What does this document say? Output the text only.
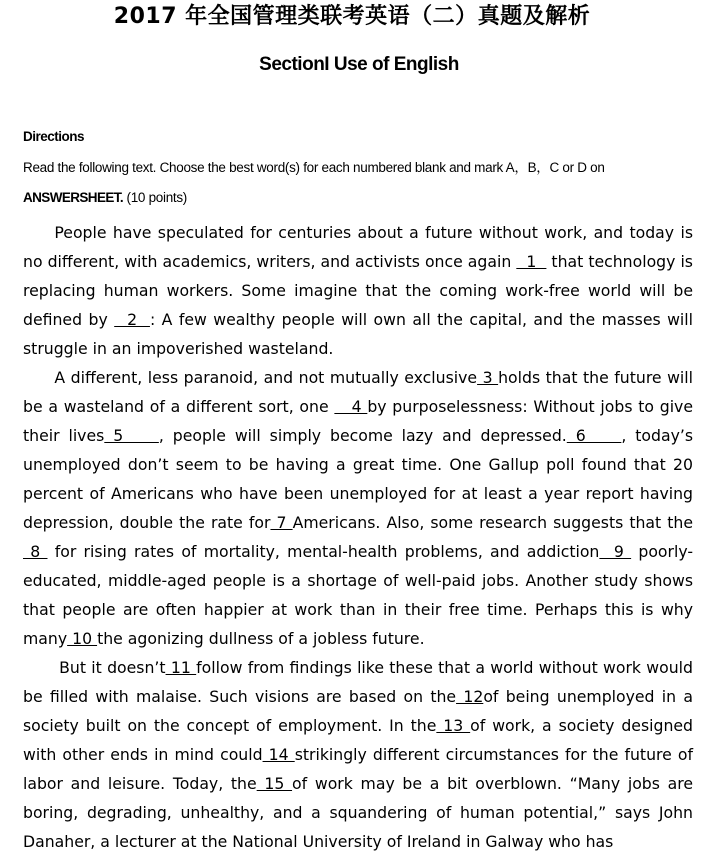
2017 年全国管理类联考英语（二）真题及解析
SectionI Use of English
Directions
Read the following text. Choose the best word(s) for each numbered blank and mark A，B，C or D on
ANSWERSHEET. (10 points)

People have speculated for centuries about a future without work, and today is no different, with academics, writers, and activists once again   1   that technology is replacing human workers. Some imagine that the coming work-free world will be defined by   2  : A few wealthy people will own all the capital, and the masses will struggle in an impoverished wasteland.

A different, less paranoid, and not mutually exclusive 3 holds that the future will be a wasteland of a different sort, one    4 by purposelessness: Without jobs to give their lives 5    , people will simply become lazy and depressed. 6    , today’s unemployed don’t seem to be having a great time. One Gallup poll found that 20 percent of Americans who have been unemployed for at least a year report having depression, double the rate for 7 Americans. Also, some research suggests that the 8  for rising rates of mortality, mental-health problems, and addiction  9  poorly-educated, middle-aged people is a shortage of well-paid jobs. Another study shows that people are often happier at work than in their free time. Perhaps this is why many 10 the agonizing dullness of a jobless future.

But it doesn’t 11 follow from findings like these that a world without work would be filled with malaise. Such visions are based on the 12of being unemployed in a society built on the concept of employment. In the 13 of work, a society designed with other ends in mind could 14 strikingly different circumstances for the future of labor and leisure. Today, the 15 of work may be a bit overblown. “Many jobs are boring, degrading, unhealthy, and a squandering of human potential,” says John Danaher, a lecturer at the National University of Ireland in Galway who has
